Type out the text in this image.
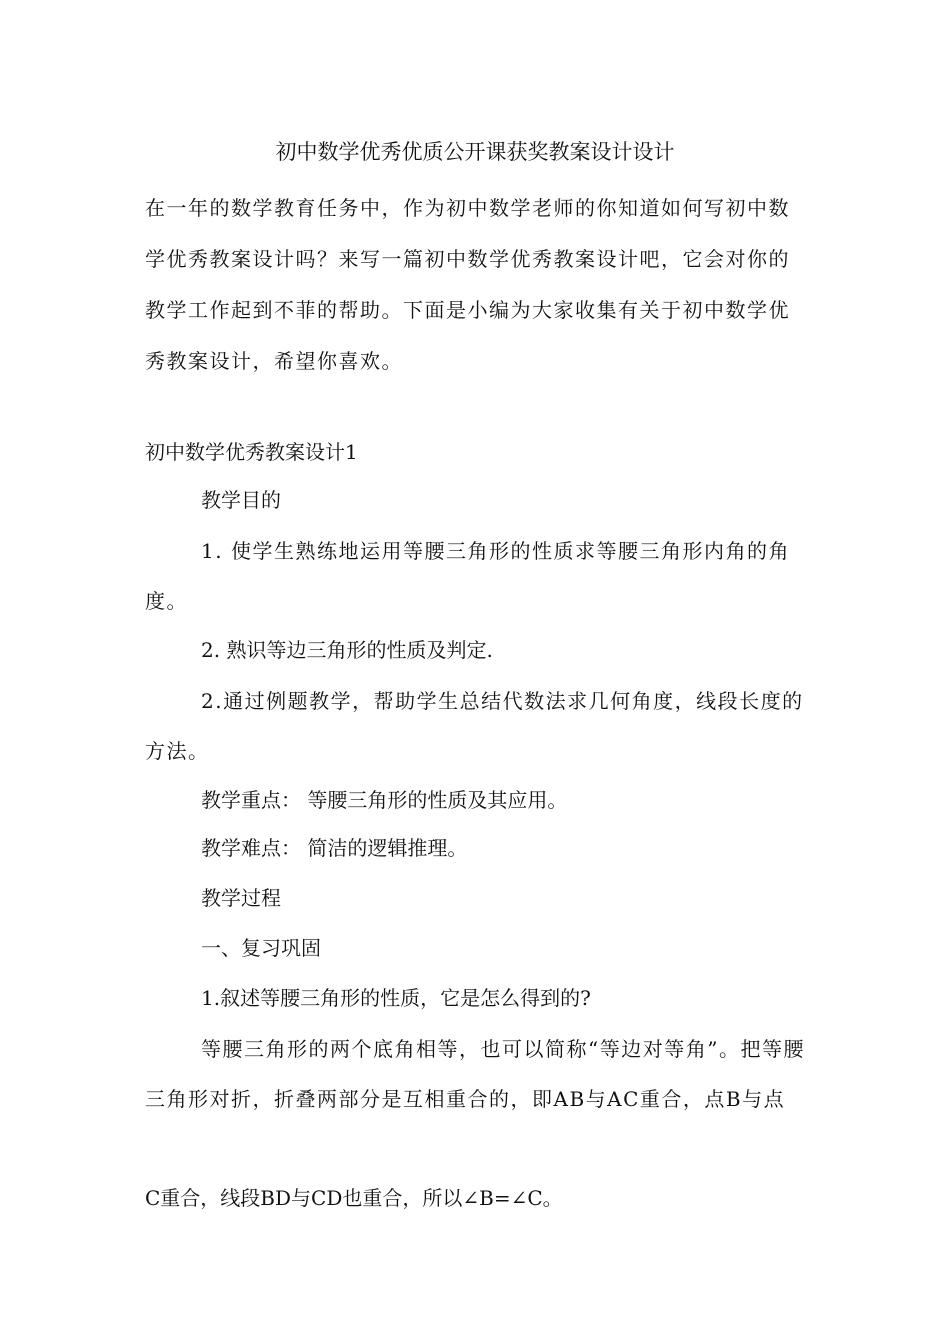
初中数学优秀优质公开课获奖教案设计设计

在一年的数学教育任务中，作为初中数学老师的你知道如何写初中数学优秀教案设计吗？来写一篇初中数学优秀教案设计吧，它会对你的教学工作起到不菲的帮助。下面是小编为大家收集有关于初中数学优秀教案设计，希望你喜欢。

初中数学优秀教案设计1

教学目的

1. 使学生熟练地运用等腰三角形的性质求等腰三角形内角的角度。

2. 熟识等边三角形的性质及判定.

2.通过例题教学，帮助学生总结代数法求几何角度，线段长度的方法。

教学重点： 等腰三角形的性质及其应用。

教学难点： 简洁的逻辑推理。

教学过程

一、复习巩固

1.叙述等腰三角形的性质，它是怎么得到的?

等腰三角形的两个底角相等，也可以简称“等边对等角”。把等腰三角形对折，折叠两部分是互相重合的，即AB与AC重合，点B与点

C重合，线段BD与CD也重合，所以∠B=∠C。
